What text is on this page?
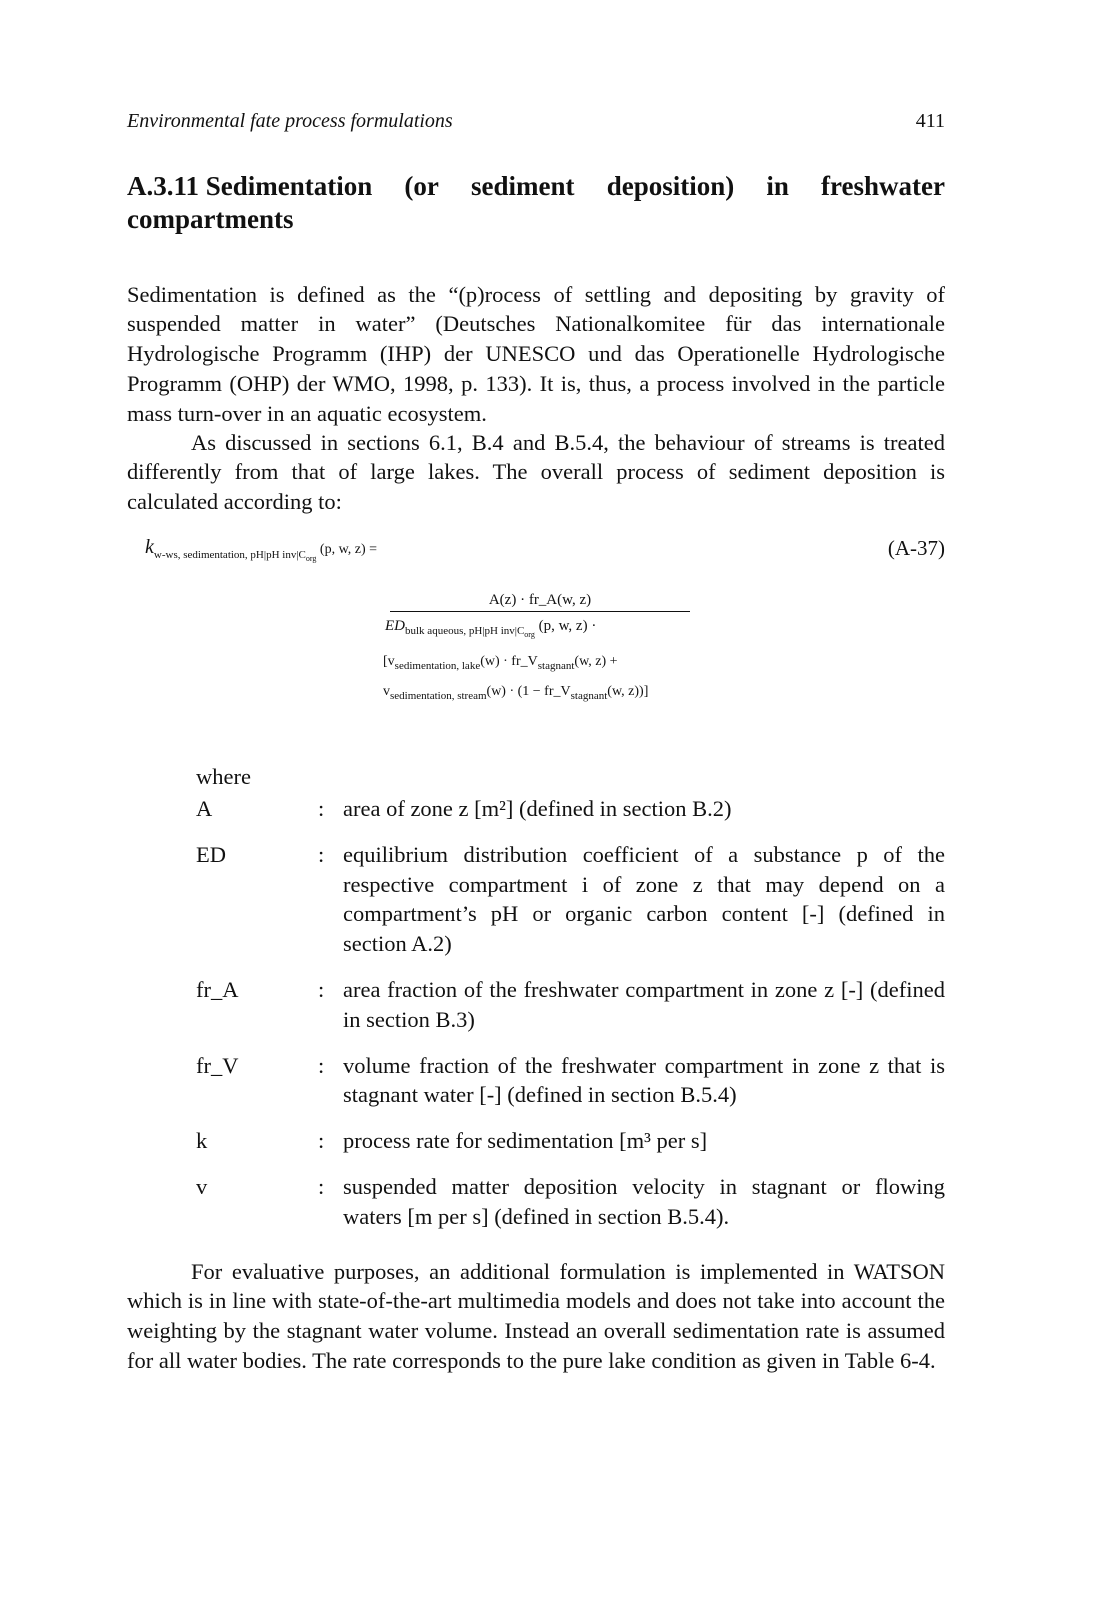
Environmental fate process formulations	411
A.3.11 Sedimentation (or sediment deposition) in freshwater
compartments

Sedimentation is defined as the “(p)rocess of settling and depositing by gravity of suspended matter in water” (Deutsches Nationalkomitee für das internationale Hydrologische Programm (IHP) der UNESCO und das Operationelle Hydrologische Programm (OHP) der WMO, 1998, p. 133). It is, thus, a process involved in the particle mass turn-over in an aquatic ecosystem.

As discussed in sections 6.1, B.4 and B.5.4, the behaviour of streams is treated differently from that of large lakes. The overall process of sediment deposition is calculated according to:

$k_{w-ws, sedimentation, pH|pH inv|C_{org}}$ (p, w, z) =	(A-37)
A(z) · fr_A(w, z)
$ED_{bulk aqueous, pH|pH inv|C_{org}}$ (p, w, z) ·
[$v_{sedimentation, lake}(w)$ · $fr\_V_{stagnant}(w$, z) +
$v_{sedimentation, stream}(w) \cdot (1$ − $fr\_V_{stagnant}(w$, z))]
where
A	: area of zone z [m²] (defined in section B.2)
ED	: equilibrium distribution coefficient of a substance p of the respective compartment i of zone z that may depend on a compartment’s pH or organic carbon content [-] (defined in section A.2)
fr_A	: area fraction of the freshwater compartment in zone z [-] (defined in section B.3)
fr_V	: volume fraction of the freshwater compartment in zone z that is stagnant water [-] (defined in section B.5.4)
k	: process rate for sedimentation [m³ per s]
v	: suspended matter deposition velocity in stagnant or flowing waters [m per s] (defined in section B.5.4).

For evaluative purposes, an additional formulation is implemented in WATSON which is in line with state-of-the-art multimedia models and does not take into account the weighting by the stagnant water volume. Instead an overall sedimentation rate is assumed for all water bodies. The rate corresponds to the pure lake condition as given in Table 6-4.
